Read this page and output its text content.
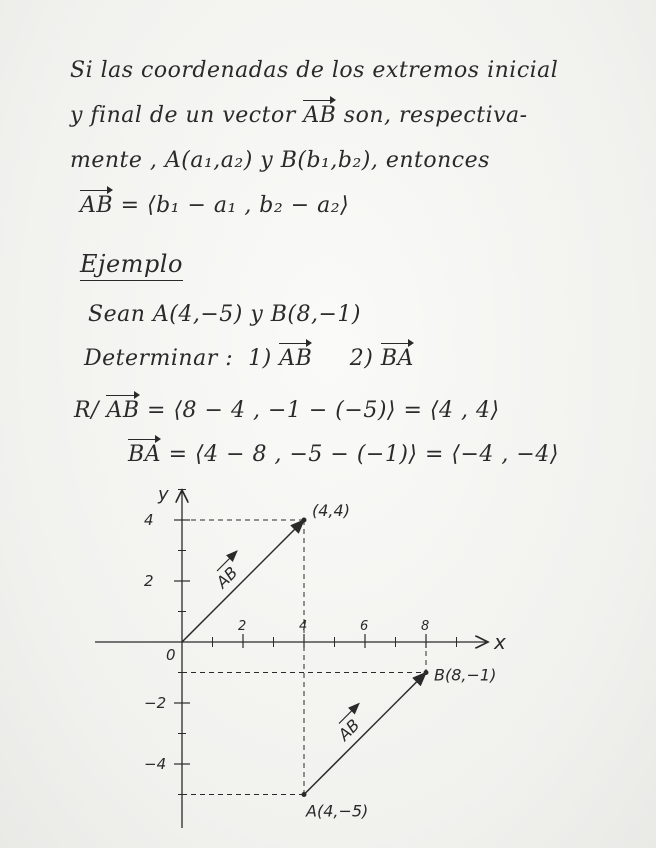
Si las coordenadas de los extremos inicial
y final de un vector AB son, respectiva-
mente , A(a₁,a₂) y B(b₁,b₂), entonces
AB = ⟨b₁ − a₁ , b₂ − a₂⟩
Ejemplo
Sean A(4,−5) y B(8,−1)
Determinar : 1) AB 2) BA
R/ AB = ⟨8 − 4 , −1 − (−5)⟩ = ⟨4 , 4⟩
BA = ⟨4 − 8 , −5 − (−1)⟩ = ⟨−4 , −4⟩
x
y
0
2	4	6	8
4
2
−2
−4
AB
AB
(4,4)
B(8,−1)
A(4,−5)
